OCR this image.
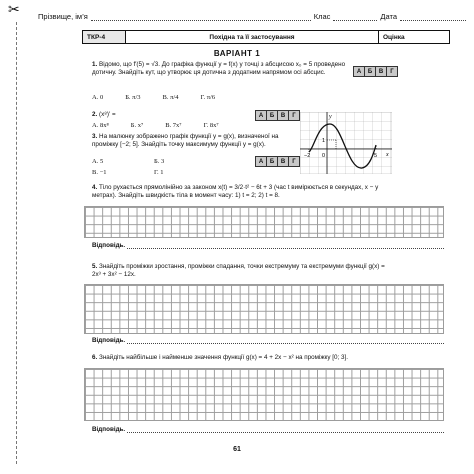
✂ Прізвище, ім’я	Клас	Дата
ТКР-4	Похідна та її застосування	Оцінка
ВАРІАНТ 1
1. Відомо, що f′(5) = √3. До графіка функції y = f(x) у точці з абсцисою x₀ = 5 проведено дотичну. Знайдіть кут, що утворює ця дотична з додатним напрямом осі абсцис.	А	Б	В	Г
А. 0	Б. π/3	В. π/4	Г. π/6
2. (x⁸)′ =	А	Б	В	Г
А. 8x⁸	Б. x⁷	В. 7x⁷	Г. 8x⁷
3. На малюнку зображено графік функції y = g(x), визначеної на проміжку [−2; 5]. Знайдіть точку максимуму функції y = g(x).
А	Б	В	Г
А. 5	Б. 3
В. −1	Г. 1
y
x
−2 0
1
5
4. Тіло рухається прямолінійно за законом x(t) = 3/2·t² − 6t + 3 (час t вимірюється в секундах, x − у метрах). Знайдіть швидкість тіла в момент часу: 1) t = 2; 2) t = 8.
Відповідь.
5. Знайдіть проміжки зростання, проміжки спадання, точки екстремуму та екстремуми функції g(x) = 2x³ + 3x² − 12x.
Відповідь.
6. Знайдіть найбільше і найменше значення функції g(x) = 4 + 2x − x² на проміжку [0; 3].
Відповідь.
61
